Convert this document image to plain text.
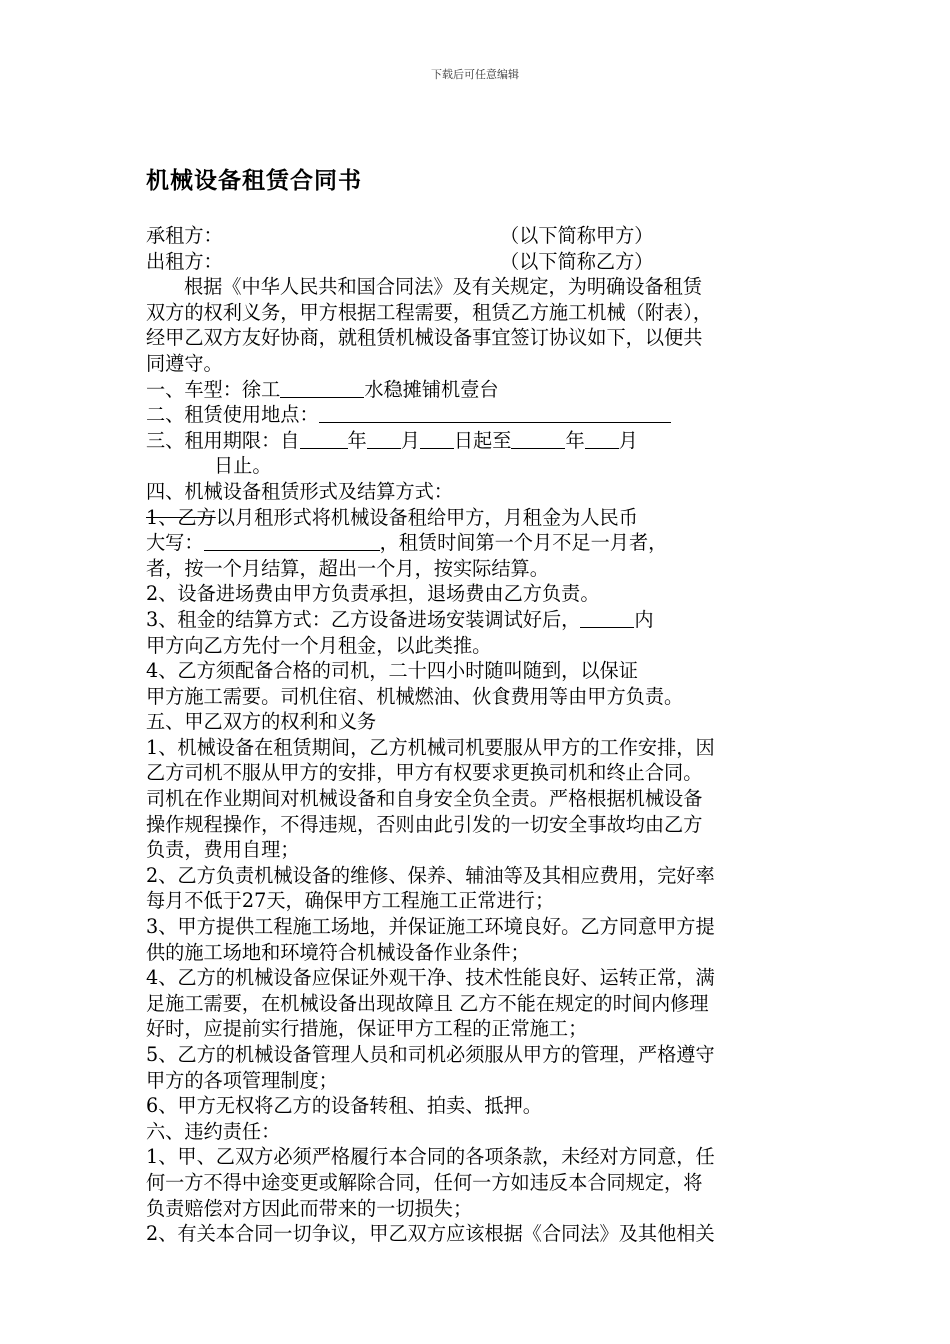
下载后可任意编辑
机械设备租赁合同书
承租方：	（以下简称甲方）
出租方：	（以下简称乙方）
根据《中华人民共和国合同法》及有关规定，为明确设备租赁
双方的权利义务，甲方根据工程需要，租赁乙方施工机械（附表），
经甲乙双方友好协商，就租赁机械设备事宜签订协议如下，以便共
同遵守。
一、车型：徐工	水稳摊铺机壹台
二、租赁使用地点：
三、租用期限：自	年 月 日起至	年 月
日止。
四、机械设备租赁形式及结算方式：
1、乙方以月租形式将机械设备租给甲方，月租金为人民币
大写：	，租赁时间第一个月不足一月者，
者，按一个月结算，超出一个月，按实际结算。
2、设备进场费由甲方负责承担，退场费由乙方负责。
3、租金的结算方式：乙方设备进场安装调试好后，	内
甲方向乙方先付一个月租金，以此类推。
4、乙方须配备合格的司机，二十四小时随叫随到，以保证
甲方施工需要。司机住宿、机械燃油、伙食费用等由甲方负责。
五、甲乙双方的权利和义务
1、机械设备在租赁期间，乙方机械司机要服从甲方的工作安排，因
乙方司机不服从甲方的安排，甲方有权要求更换司机和终止合同。
司机在作业期间对机械设备和自身安全负全责。严格根据机械设备
操作规程操作，不得违规，否则由此引发的一切安全事故均由乙方
负责，费用自理；
2、乙方负责机械设备的维修、保养、辅油等及其相应费用，完好率
每月不低于27天，确保甲方工程施工正常进行；
3、甲方提供工程施工场地，并保证施工环境良好。乙方同意甲方提
供的施工场地和环境符合机械设备作业条件；
4、乙方的机械设备应保证外观干净、技术性能良好、运转正常，满
足施工需要，在机械设备出现故障且 乙方不能在规定的时间内修理
好时，应提前实行措施，保证甲方工程的正常施工；
5、乙方的机械设备管理人员和司机必须服从甲方的管理，严格遵守
甲方的各项管理制度；
6、甲方无权将乙方的设备转租、拍卖、抵押。
六、违约责任：
1、甲、乙双方必须严格履行本合同的各项条款，未经对方同意，任
何一方不得中途变更或解除合同，任何一方如违反本合同规定，将
负责赔偿对方因此而带来的一切损失；
2、有关本合同一切争议，甲乙双方应该根据《合同法》及其他相关
